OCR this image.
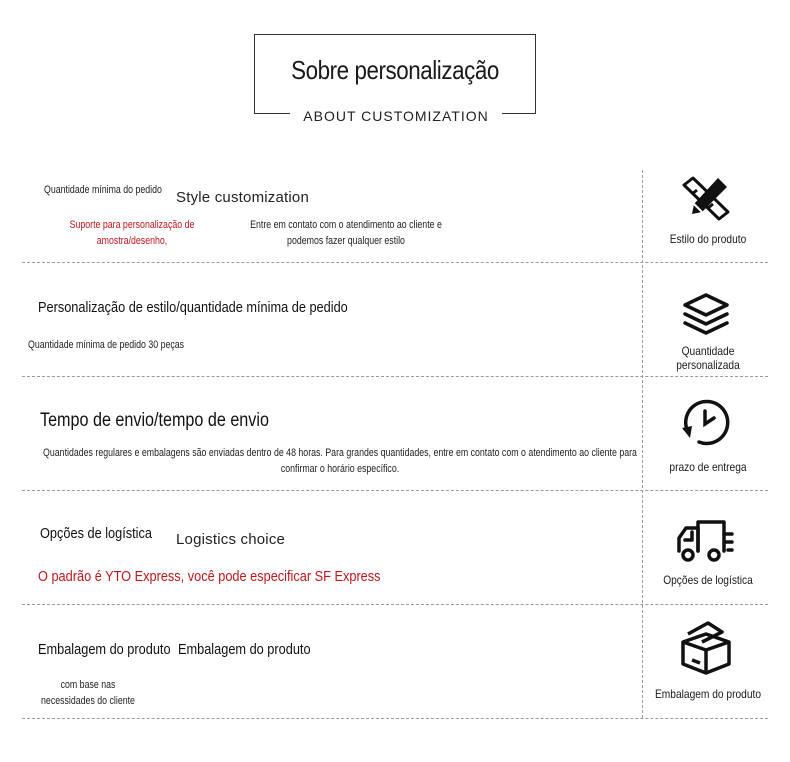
Sobre personalização
ABOUT CUSTOMIZATION
Quantidade mínima do pedido Style customization
Suporte para personalização de amostra/desenho,
Entre em contato com o atendimento ao cliente e podemos fazer qualquer estilo	Estilo do produto
Personalização de estilo/quantidade mínima de pedido
Quantidade mínima de pedido 30 peças	Quantidade personalizada
Tempo de envio/tempo de envio
Quantidades regulares e embalagens são enviadas dentro de 48 horas. Para grandes quantidades, entre em contato com o atendimento ao cliente para confirmar o horário específico.	prazo de entrega
Opções de logística Logistics choice
O padrão é YTO Express, você pode especificar SF Express	Opções de logística
Embalagem do produto Embalagem do produto
com base nas necessidades do cliente	Embalagem do produto
